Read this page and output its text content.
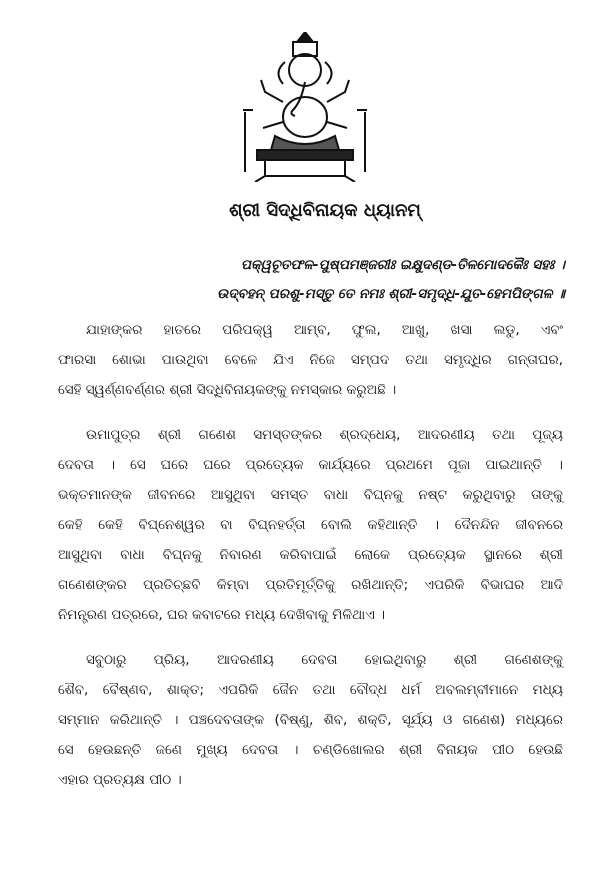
ଶ୍ରୀ ସିଦ୍ଧିବିନାୟକ ଧ୍ୟାନମ୍
ପକ୍ୱଚୂତଫଳ-ପୁଷ୍ପମଞ୍ଜରୀଃ ଇକ୍ଷୁଦଣ୍ଡ-ତିଳମୋଦକୈଃ ସହଃ ।
ଉଦ୍‌ବହନ୍ ପରଶୁ-ମସ୍ତୁ ତେ ନମଃ ଶ୍ରୀ-ସମୃଦ୍ଧି-ଯୁତ-ହେମପିଙ୍ଗଳ ॥
ଯାହାଙ୍କର ହାତରେ ପରିପକ୍ୱ ଆମ୍ବ, ଫୁଲ, ଆଖୁ, ଖସା ଲଡୁ, ଏବଂ
ଫାରସା ଶୋଭା ପାଉଥିବା ବେଳେ ଯିଏ ନିଜେ ସମ୍ପଦ ତଥା ସମୃଦ୍ଧିର ଗନ୍ତାଘର,
ସେହି ସ୍ୱର୍ଣ୍ଣବର୍ଣ୍ଣର ଶ୍ରୀ ସିଦ୍ଧିବିନାୟକଙ୍କୁ ନମସ୍କାର କରୁଅଛି ।
ଉମାପୁତ୍ର ଶ୍ରୀ ଗଣେଶ ସମସ୍ତଙ୍କର ଶ୍ରଦ୍ଧେୟ, ଆଦରଣୀୟ ତଥା ପୂଜ୍ୟ
ଦେବତା । ସେ ଘରେ ଘରେ ପ୍ରତ୍ୟେକ କାର୍ଯ୍ୟରେ ପ୍ରଥମେ ପୂଜା ପାଇଥାନ୍ତି ।
ଭକ୍ତମାନଙ୍କ ଜୀବନରେ ଆସୁଥିବା ସମସ୍ତ ବାଧା ବିଘ୍ନକୁ ନଷ୍ଟ କରୁଥିବାରୁ ତାଙ୍କୁ
କେହି କେହି ବିଘ୍ନେଶ୍ୱର ବା ବିଘ୍ନହର୍ତ୍ତା ବୋଲି କହିଥାନ୍ତି । ଦୈନନ୍ଦିନ ଜୀବନରେ
ଆସୁଥିବା ବାଧା ବିଘ୍ନକୁ ନିବାରଣ କରିବାପାଇଁ ଲୋକେ ପ୍ରତ୍ୟେକ ସ୍ଥାନରେ ଶ୍ରୀ
ଗଣେଶଙ୍କର ପ୍ରତିଚ୍ଛବି କିମ୍ବା ପ୍ରତିମୂର୍ତ୍ତିକୁ ରଖିଥାନ୍ତି; ଏପରିକି ବିଭାଘର ଆଦି
ନିମନ୍ତ୍ରଣ ପତ୍ରରେ, ଘର କବାଟରେ ମଧ୍ୟ ଦେଖିବାକୁ ମିଳିଥାଏ ।
ସବୁଠାରୁ ପ୍ରିୟ, ଆଦରଣୀୟ ଦେବତା ହୋଇଥିବାରୁ ଶ୍ରୀ ଗଣେଶଙ୍କୁ
ଶୈବ, ବୈଷ୍ଣବ, ଶାକ୍ତ; ଏପରିକି ଜୈନ ତଥା ବୌଦ୍ଧ ଧର୍ମ ଅବଲମ୍ବୀମାନେ ମଧ୍ୟ
ସମ୍ମାନ କରିଥାନ୍ତି । ପଞ୍ଚଦେବତାଙ୍କ (ବିଷ୍ଣୁ, ଶିବ, ଶକ୍ତି, ସୂର୍ଯ୍ୟ ଓ ଗଣେଶ) ମଧ୍ୟରେ
ସେ ହେଉଛନ୍ତି ଜଣେ ମୁଖ୍ୟ ଦେବତା । ଚଣ୍ଡିଖୋଲର ଶ୍ରୀ ବିନାୟକ ପୀଠ ହେଉଛି
ଏହାର ପ୍ରତ୍ୟକ୍ଷ ପୀଠ ।
